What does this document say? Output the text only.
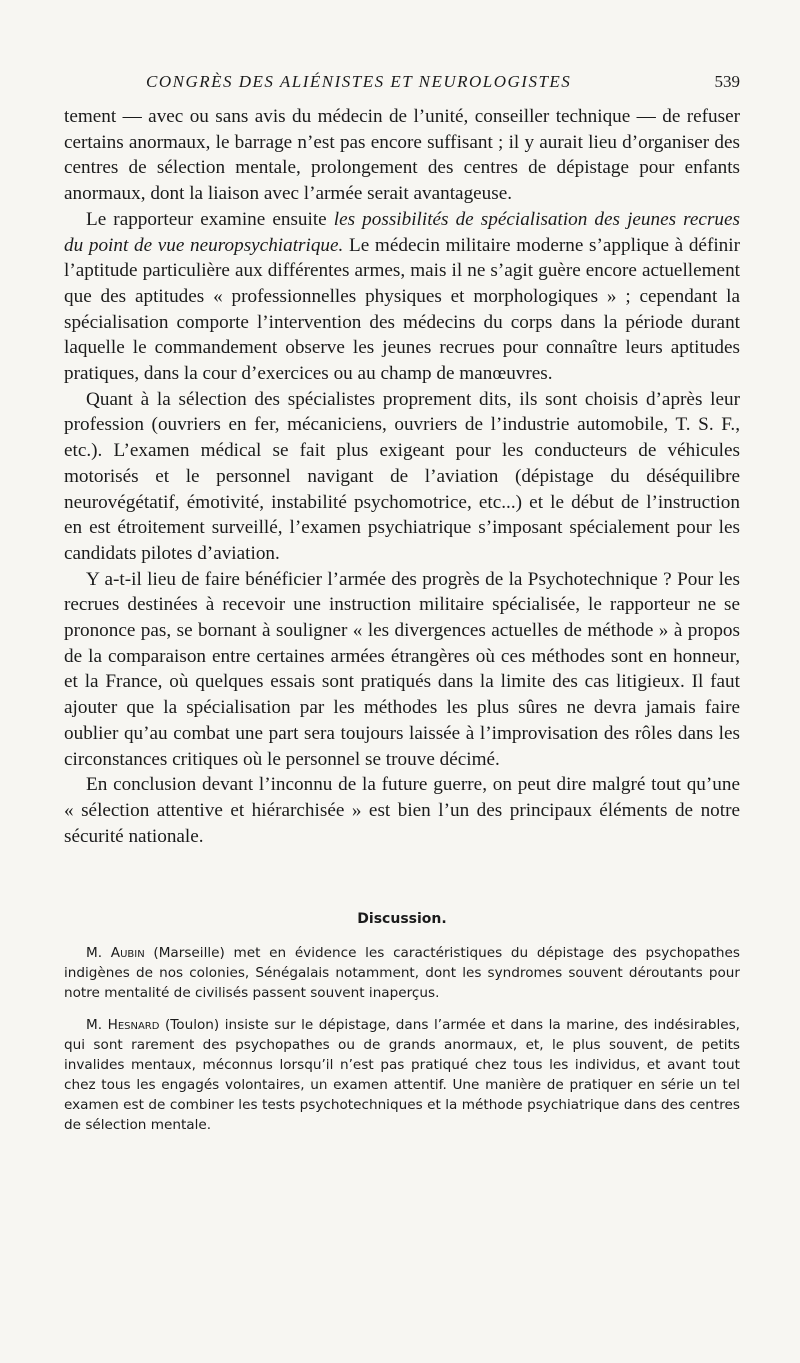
CONGRÈS DES ALIÉNISTES ET NEUROLOGISTES	539

tement — avec ou sans avis du médecin de l’unité, conseiller technique — de refuser certains anormaux, le barrage n’est pas encore suffisant ; il y aurait lieu d’organiser des centres de sélection mentale, prolongement des centres de dépistage pour enfants anormaux, dont la liaison avec l’armée serait avantageuse.

Le rapporteur examine ensuite les possibilités de spécialisation des jeunes recrues du point de vue neuropsychiatrique. Le médecin militaire moderne s’applique à définir l’aptitude particulière aux différentes armes, mais il ne s’agit guère encore actuellement que des aptitudes « professionnelles physiques et morphologiques » ; cependant la spécialisation comporte l’intervention des médecins du corps dans la période durant laquelle le commandement observe les jeunes recrues pour connaître leurs aptitudes pratiques, dans la cour d’exercices ou au champ de manœuvres.

Quant à la sélection des spécialistes proprement dits, ils sont choisis d’après leur profession (ouvriers en fer, mécaniciens, ouvriers de l’industrie automobile, T. S. F., etc.). L’examen médical se fait plus exigeant pour les conducteurs de véhicules motorisés et le personnel navigant de l’aviation (dépistage du déséquilibre neurovégétatif, émotivité, instabilité psychomotrice, etc...) et le début de l’instruction en est étroitement surveillé, l’examen psychiatrique s’imposant spécialement pour les candidats pilotes d’aviation.

Y a-t-il lieu de faire bénéficier l’armée des progrès de la Psychotechnique ? Pour les recrues destinées à recevoir une instruction militaire spécialisée, le rapporteur ne se prononce pas, se bornant à souligner « les divergences actuelles de méthode » à propos de la comparaison entre certaines armées étrangères où ces méthodes sont en honneur, et la France, où quelques essais sont pratiqués dans la limite des cas litigieux. Il faut ajouter que la spécialisation par les méthodes les plus sûres ne devra jamais faire oublier qu’au combat une part sera toujours laissée à l’improvisation des rôles dans les circonstances critiques où le personnel se trouve décimé.

En conclusion devant l’inconnu de la future guerre, on peut dire malgré tout qu’une « sélection attentive et hiérarchisée » est bien l’un des principaux éléments de notre sécurité nationale.

Discussion.

M. Aubin (Marseille) met en évidence les caractéristiques du dépistage des psychopathes indigènes de nos colonies, Sénégalais notamment, dont les syndromes souvent déroutants pour notre mentalité de civilisés passent souvent inaperçus.

M. Hesnard (Toulon) insiste sur le dépistage, dans l’armée et dans la marine, des indésirables, qui sont rarement des psychopathes ou de grands anormaux, et, le plus souvent, de petits invalides mentaux, méconnus lorsqu’il n’est pas pratiqué chez tous les individus, et avant tout chez tous les engagés volontaires, un examen attentif. Une manière de pratiquer en série un tel examen est de combiner les tests psychotechniques et la méthode psychiatrique dans des centres de sélection mentale.
